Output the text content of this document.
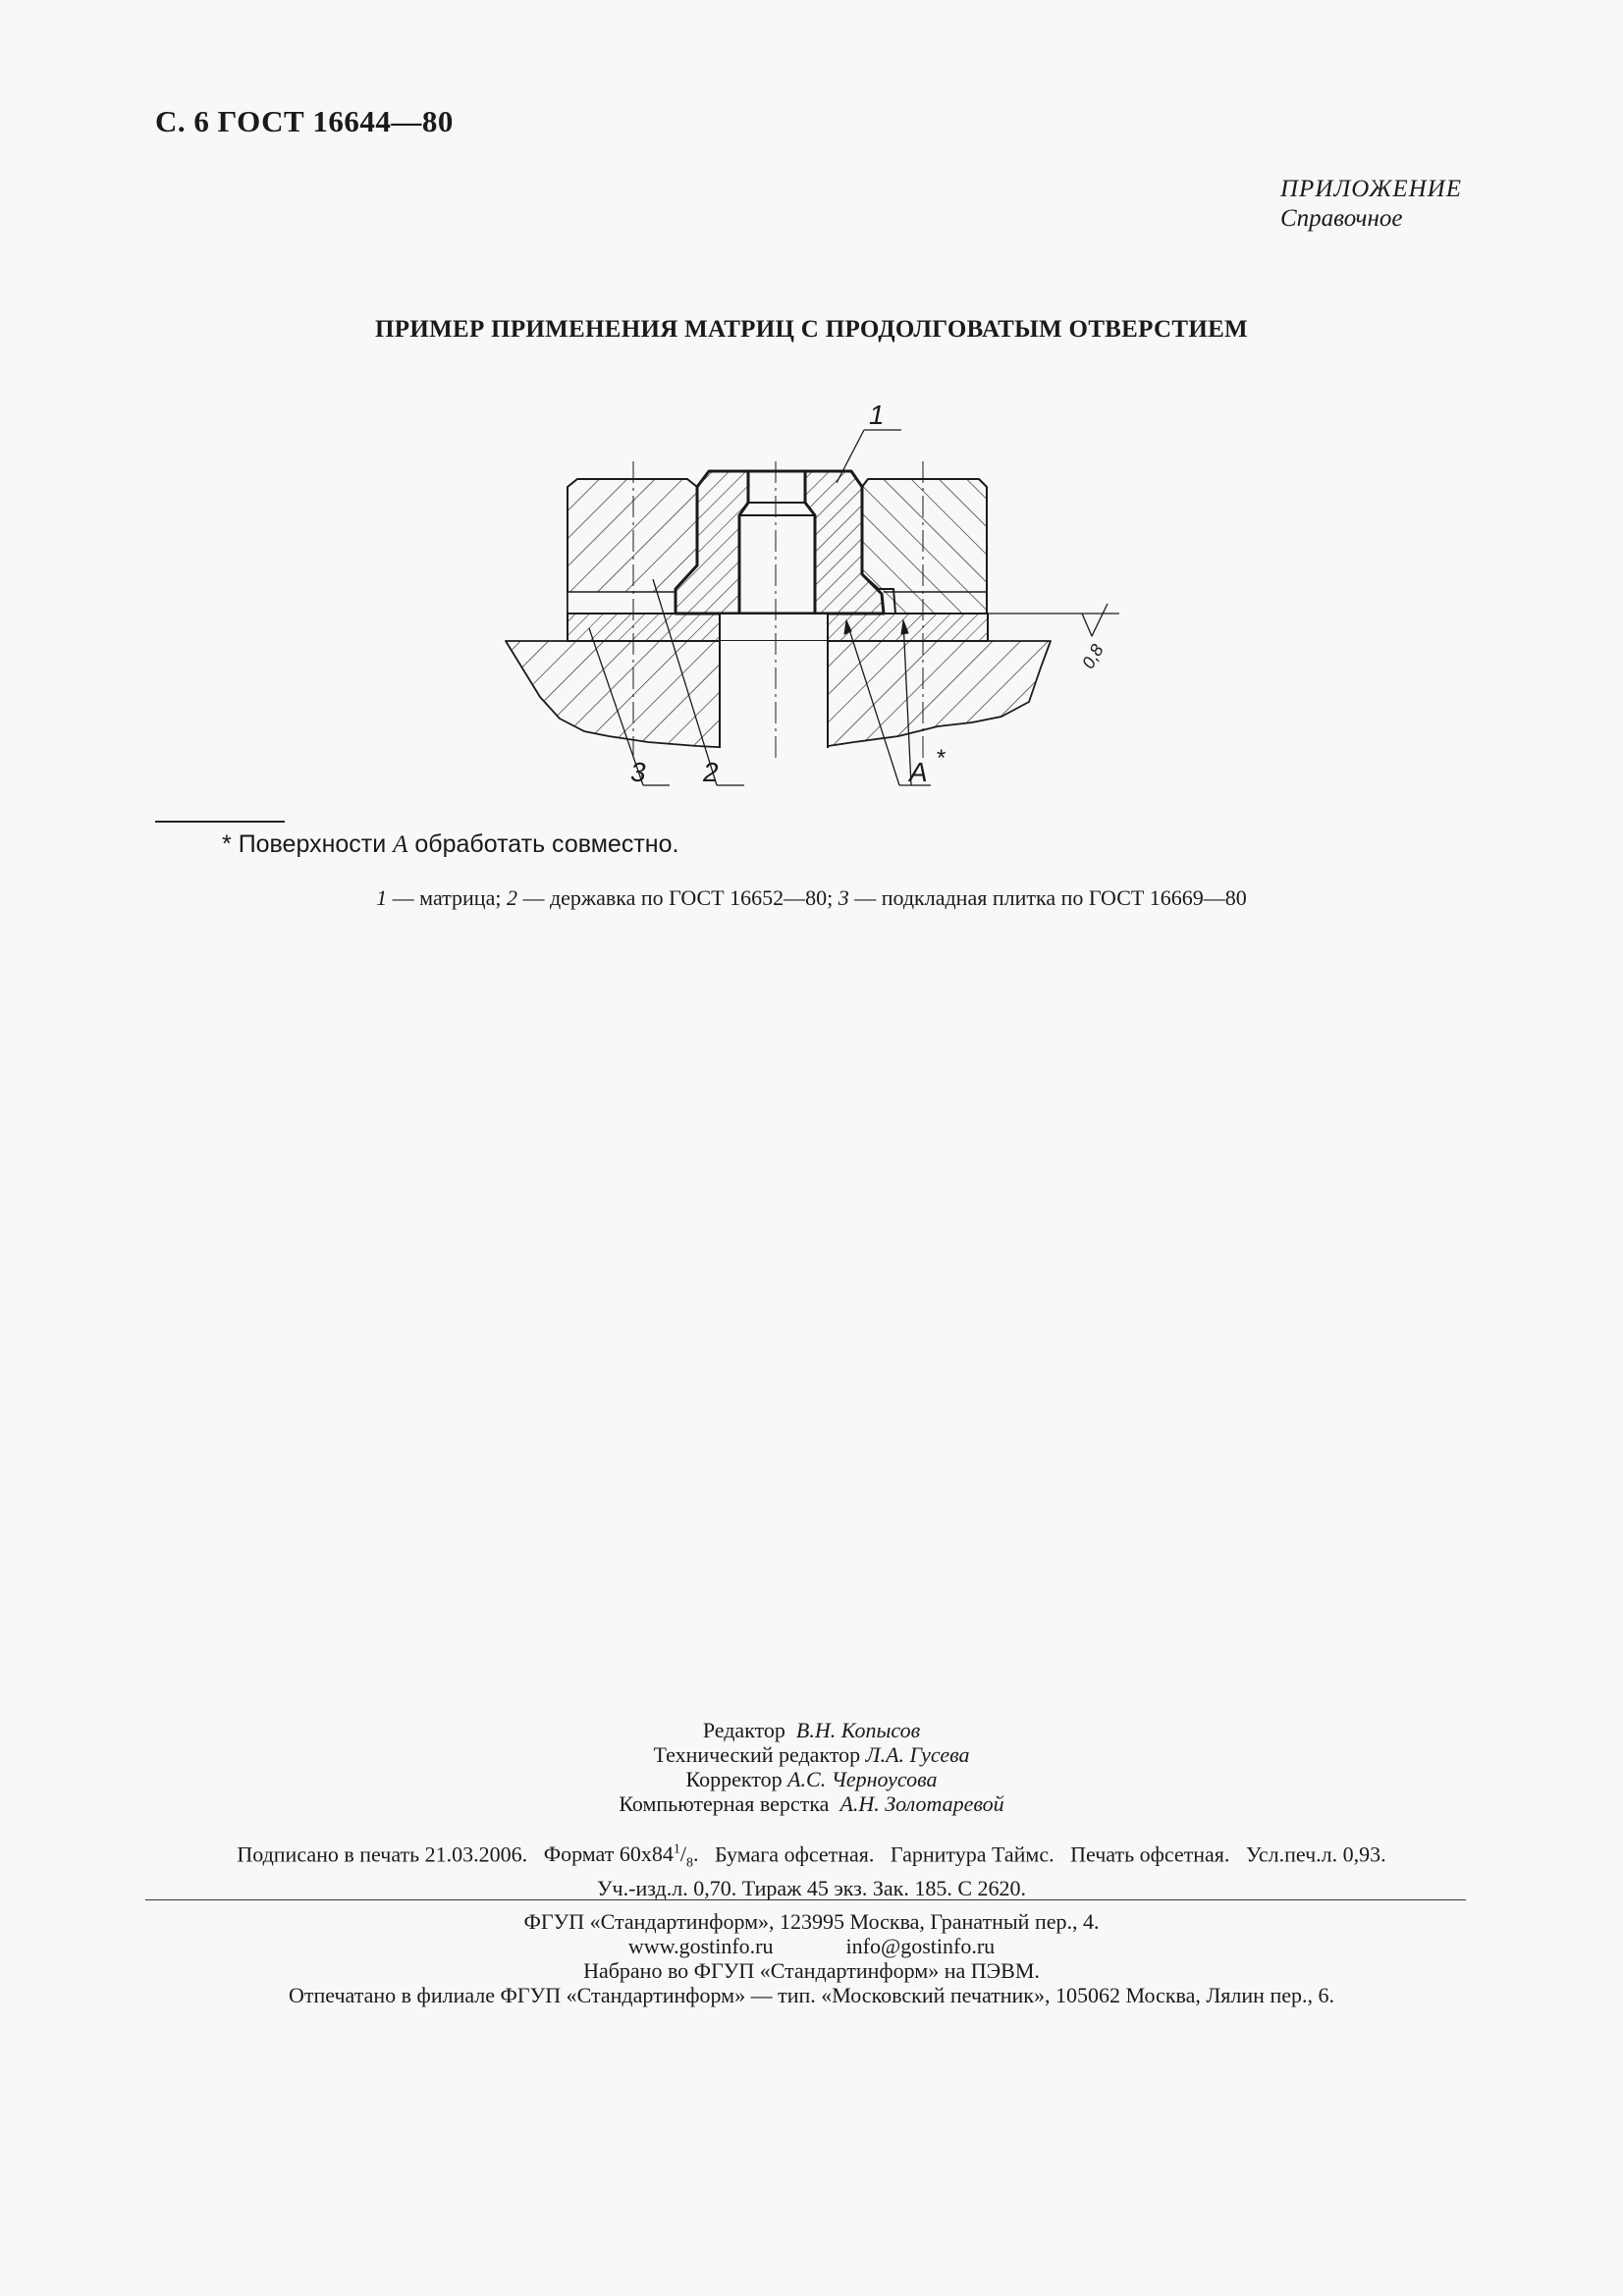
С. 6 ГОСТ 16644—80
ПРИЛОЖЕНИЕ
Справочное
ПРИМЕР ПРИМЕНЕНИЯ МАТРИЦ С ПРОДОЛГОВАТЫМ ОТВЕРСТИЕМ
1
3 2	A *
0,8
* Поверхности А обработать совместно.
1 — матрица; 2 — державка по ГОСТ 16652—80; 3 — подкладная плитка по ГОСТ 16669—80
Редактор В.Н. Копысов
Технический редактор Л.А. Гусева
Корректор А.С. Черноусова
Компьютерная верстка А.Н. Золотаревой
Подписано в печать 21.03.2006. Формат $60х84^1/_8$. Бумага офсетная. Гарнитура Таймс. Печать офсетная. Усл.печ.л. 0,93.
Уч.-изд.л. 0,70. Тираж 45 экз. Зак. 185. С 2620.
ФГУП «Стандартинформ», 123995 Москва, Гранатный пер., 4.
www.gostinfo.ru	info@gostinfo.ru
Набрано во ФГУП «Стандартинформ» на ПЭВМ.
Отпечатано в филиале ФГУП «Стандартинформ» — тип. «Московский печатник», 105062 Москва, Лялин пер., 6.
